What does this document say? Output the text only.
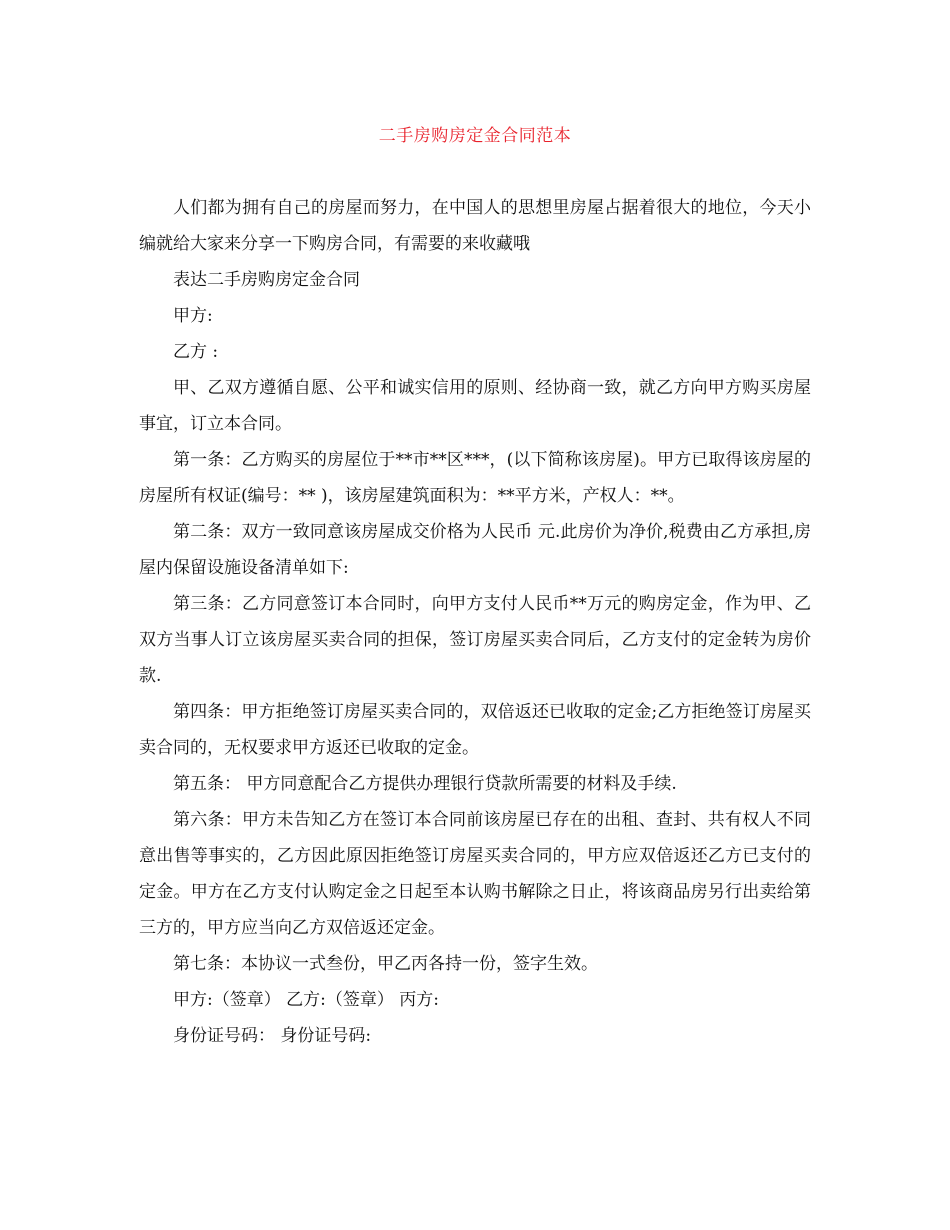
二手房购房定金合同范本

人们都为拥有自己的房屋而努力，在中国人的思想里房屋占据着很大的地位，今天小编就给大家来分享一下购房合同，有需要的来收藏哦

表达二手房购房定金合同

甲方:

乙方 :

甲、乙双方遵循自愿、公平和诚实信用的原则、经协商一致，就乙方向甲方购买房屋事宜，订立本合同。

第一条：乙方购买的房屋位于**市**区***，(以下简称该房屋)。甲方已取得该房屋的房屋所有权证(编号：** )，该房屋建筑面积为：**平方米，产权人：**。

第二条：双方一致同意该房屋成交价格为人民币 元.此房价为净价,税费由乙方承担,房屋内保留设施设备清单如下:

第三条：乙方同意签订本合同时，向甲方支付人民币**万元的购房定金，作为甲、乙双方当事人订立该房屋买卖合同的担保，签订房屋买卖合同后，乙方支付的定金转为房价款.

第四条：甲方拒绝签订房屋买卖合同的，双倍返还已收取的定金;乙方拒绝签订房屋买卖合同的，无权要求甲方返还已收取的定金。

第五条： 甲方同意配合乙方提供办理银行贷款所需要的材料及手续.

第六条：甲方未告知乙方在签订本合同前该房屋已存在的出租、查封、共有权人不同意出售等事实的，乙方因此原因拒绝签订房屋买卖合同的，甲方应双倍返还乙方已支付的定金。甲方在乙方支付认购定金之日起至本认购书解除之日止，将该商品房另行出卖给第三方的，甲方应当向乙方双倍返还定金。

第七条：本协议一式叁份，甲乙丙各持一份，签字生效。

甲方:（签章） 乙方:（签章） 丙方:

身份证号码： 身份证号码:
